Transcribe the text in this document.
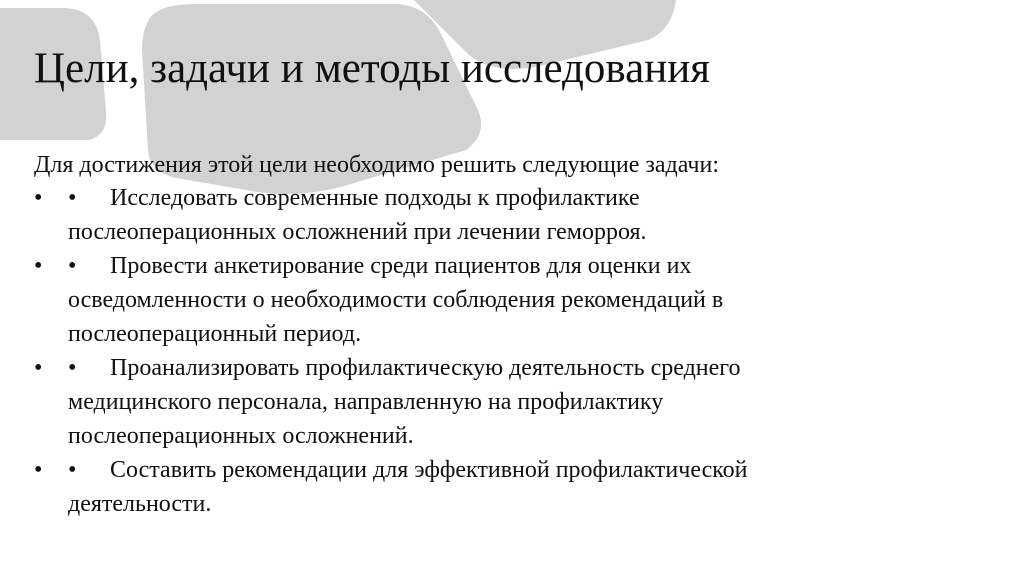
Цели, задачи и методы исследования

Для достижения этой цели необходимо решить следующие задачи:

• • Исследовать современные подходы к профилактике
послеоперационных осложнений при лечении геморроя.
• • Провести анкетирование среди пациентов для оценки их
осведомленности о необходимости соблюдения рекомендаций в
послеоперационный период.
• • Проанализировать профилактическую деятельность среднего
медицинского персонала, направленную на профилактику
послеоперационных осложнений.
• • Составить рекомендации для эффективной профилактической
деятельности.
